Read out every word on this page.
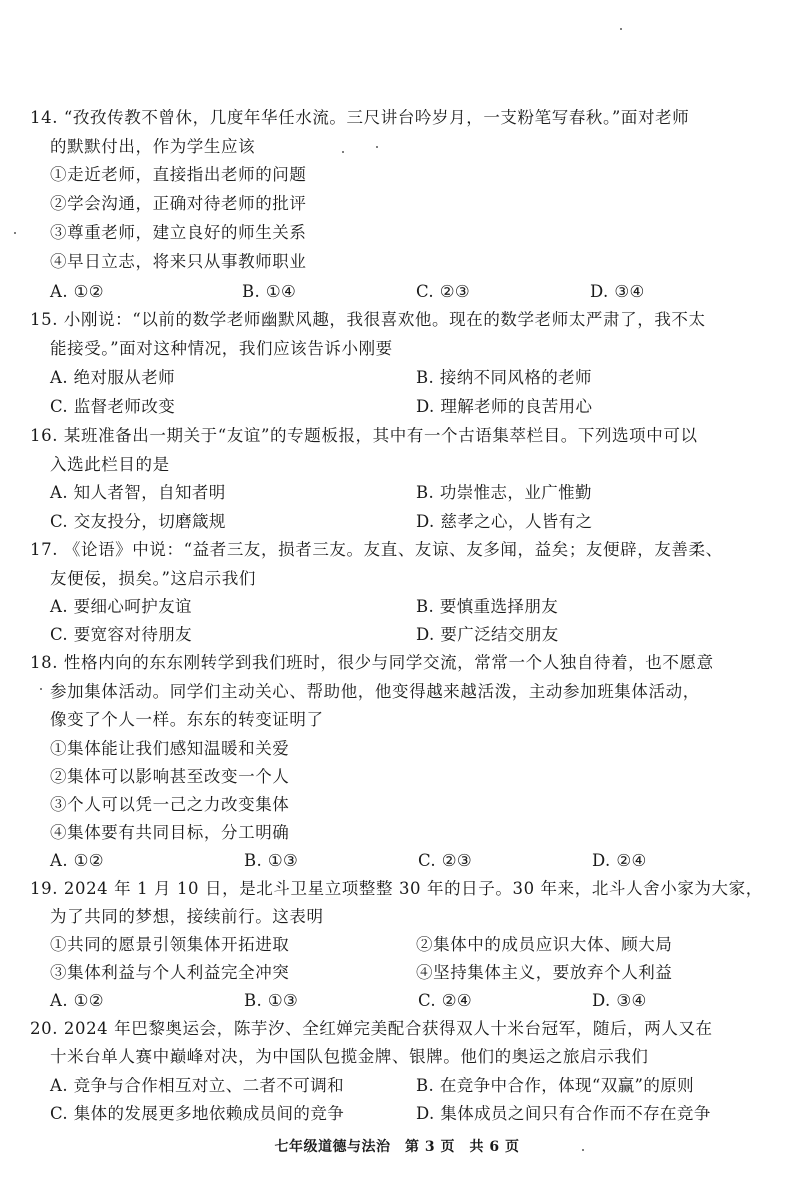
14. “孜孜传教不曾休，几度年华任水流。三尺讲台吟岁月，一支粉笔写春秋。”面对老师
的默默付出，作为学生应该
①走近老师，直接指出老师的问题
②学会沟通，正确对待老师的批评
③尊重老师，建立良好的师生关系
④早日立志，将来只从事教师职业
A. ①②	B. ①④	C. ②③	D. ③④
15. 小刚说：“以前的数学老师幽默风趣，我很喜欢他。现在的数学老师太严肃了，我不太
能接受。”面对这种情况，我们应该告诉小刚要
A. 绝对服从老师	B. 接纳不同风格的老师
C. 监督老师改变	D. 理解老师的良苦用心
16. 某班准备出一期关于“友谊”的专题板报，其中有一个古语集萃栏目。下列选项中可以
入选此栏目的是
A. 知人者智，自知者明	B. 功崇惟志，业广惟勤
C. 交友投分，切磨箴规	D. 慈孝之心，人皆有之
17. 《论语》中说：“益者三友，损者三友。友直、友谅、友多闻，益矣；友便辟，友善柔、
友便佞，损矣。”这启示我们
A. 要细心呵护友谊	B. 要慎重选择朋友
C. 要宽容对待朋友	D. 要广泛结交朋友
18. 性格内向的东东刚转学到我们班时，很少与同学交流，常常一个人独自待着，也不愿意
参加集体活动。同学们主动关心、帮助他，他变得越来越活泼，主动参加班集体活动，
像变了个人一样。东东的转变证明了
①集体能让我们感知温暖和关爱
②集体可以影响甚至改变一个人
③个人可以凭一己之力改变集体
④集体要有共同目标，分工明确
A. ①②	B. ①③	C. ②③	D. ②④
19. 2024 年 1 月 10 日，是北斗卫星立项整整 30 年的日子。30 年来，北斗人舍小家为大家，
为了共同的梦想，接续前行。这表明
①共同的愿景引领集体开拓进取	②集体中的成员应识大体、顾大局
③集体利益与个人利益完全冲突	④坚持集体主义，要放弃个人利益
A. ①②	B. ①③	C. ②④	D. ③④
20. 2024 年巴黎奥运会，陈芋汐、全红婵完美配合获得双人十米台冠军，随后，两人又在
十米台单人赛中巅峰对决，为中国队包揽金牌、银牌。他们的奥运之旅启示我们
A. 竞争与合作相互对立、二者不可调和	B. 在竞争中合作，体现“双赢”的原则
C. 集体的发展更多地依赖成员间的竞争	D. 集体成员之间只有合作而不存在竞争
七年级道德与法治　第 3 页　共 6 页
